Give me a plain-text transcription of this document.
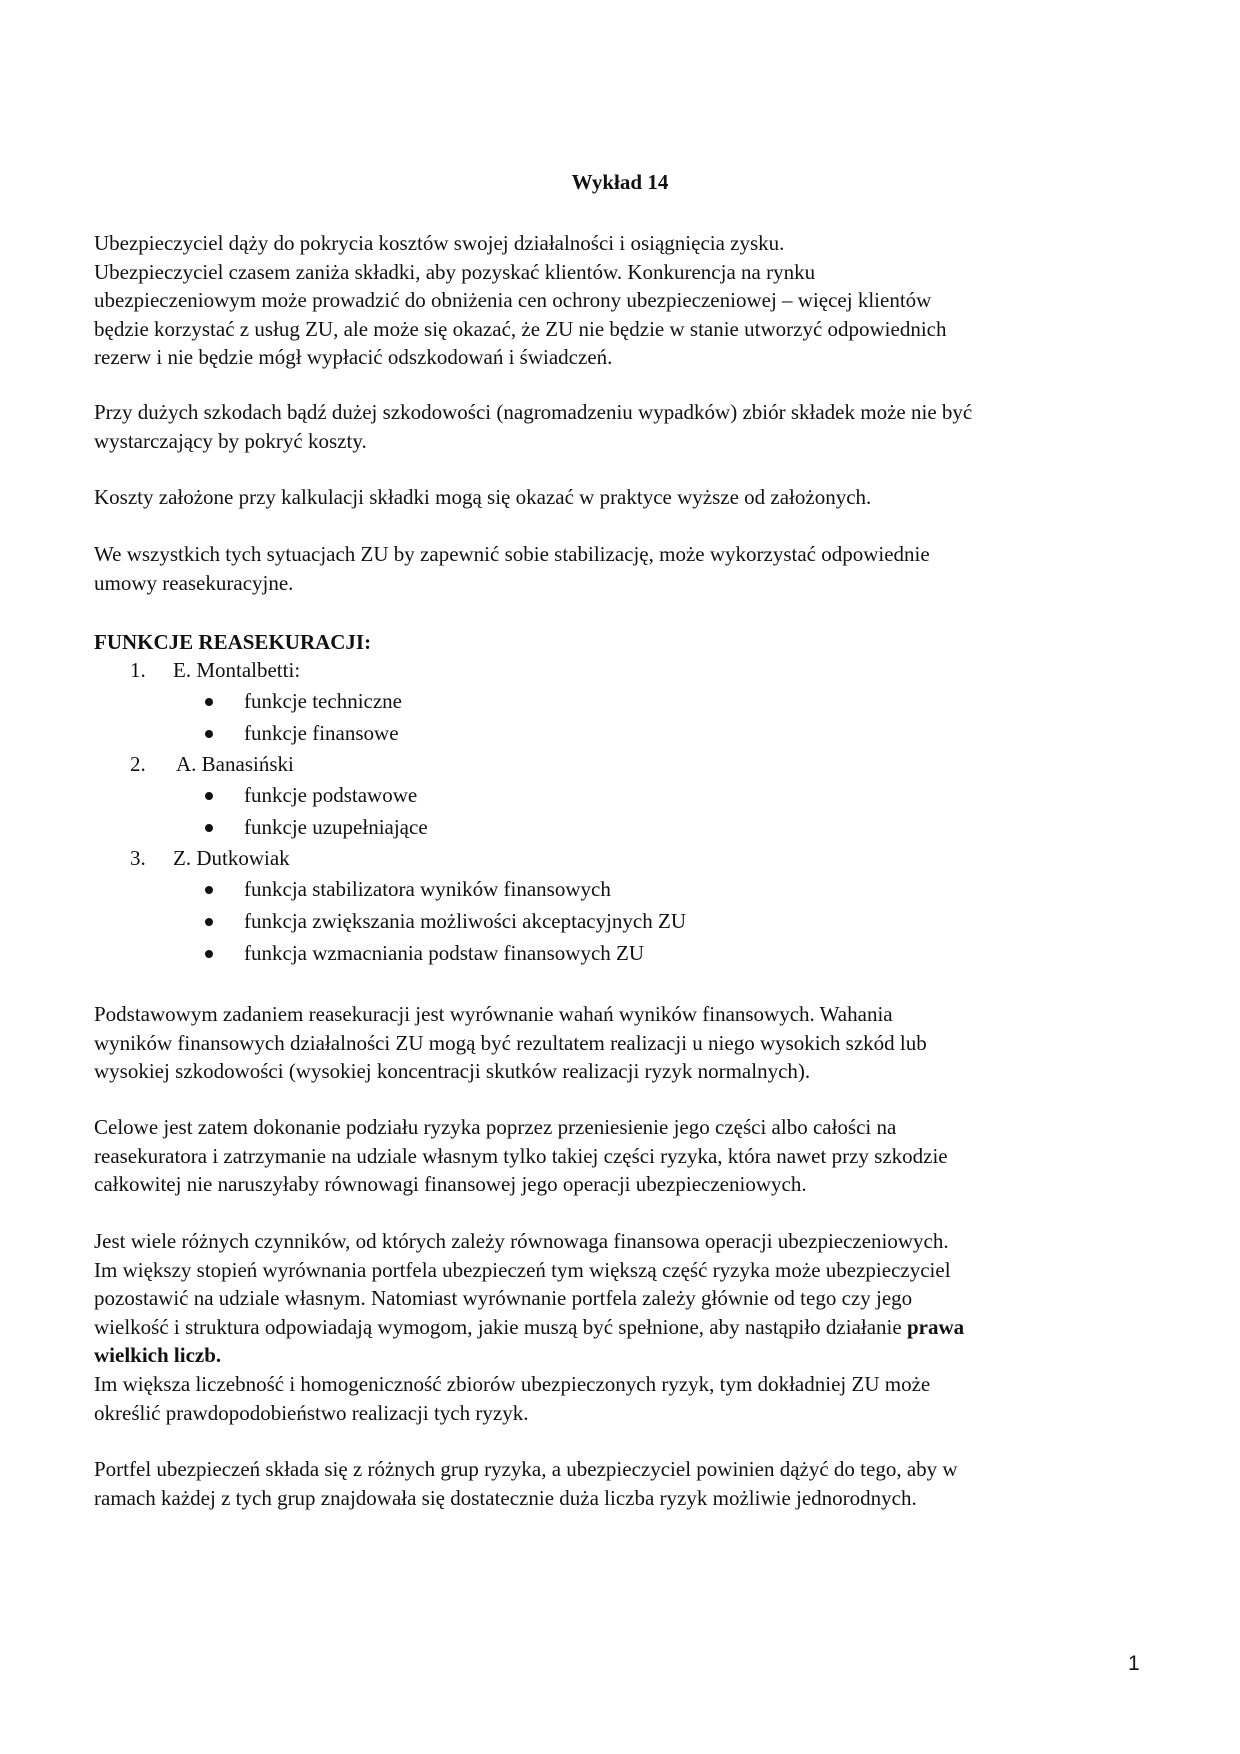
Wykład 14
Ubezpieczyciel dąży do pokrycia kosztów swojej działalności i osiągnięcia zysku.
Ubezpieczyciel czasem zaniża składki, aby pozyskać klientów. Konkurencja na rynku
ubezpieczeniowym może prowadzić do obniżenia cen ochrony ubezpieczeniowej – więcej klientów
będzie korzystać z usług ZU, ale może się okazać, że ZU nie będzie w stanie utworzyć odpowiednich
rezerw i nie będzie mógł wypłacić odszkodowań i świadczeń.
Przy dużych szkodach bądź dużej szkodowości (nagromadzeniu wypadków) zbiór składek może nie być
wystarczający by pokryć koszty.
Koszty założone przy kalkulacji składki mogą się okazać w praktyce wyższe od założonych.
We wszystkich tych sytuacjach ZU by zapewnić sobie stabilizację, może wykorzystać odpowiednie
umowy reasekuracyjne.
FUNKCJE REASEKURACJI:
1. E. Montalbetti:
funkcje techniczne
funkcje finansowe
2. A. Banasiński
funkcje podstawowe
funkcje uzupełniające
3. Z. Dutkowiak
funkcja stabilizatora wyników finansowych
funkcja zwiększania możliwości akceptacyjnych ZU
funkcja wzmacniania podstaw finansowych ZU
Podstawowym zadaniem reasekuracji jest wyrównanie wahań wyników finansowych. Wahania
wyników finansowych działalności ZU mogą być rezultatem realizacji u niego wysokich szkód lub
wysokiej szkodowości (wysokiej koncentracji skutków realizacji ryzyk normalnych).
Celowe jest zatem dokonanie podziału ryzyka poprzez przeniesienie jego części albo całości na
reasekuratora i zatrzymanie na udziale własnym tylko takiej części ryzyka, która nawet przy szkodzie
całkowitej nie naruszyłaby równowagi finansowej jego operacji ubezpieczeniowych.
Jest wiele różnych czynników, od których zależy równowaga finansowa operacji ubezpieczeniowych.
Im większy stopień wyrównania portfela ubezpieczeń tym większą część ryzyka może ubezpieczyciel
pozostawić na udziale własnym. Natomiast wyrównanie portfela zależy głównie od tego czy jego
wielkość i struktura odpowiadają wymogom, jakie muszą być spełnione, aby nastąpiło działanie prawa
wielkich liczb.
Im większa liczebność i homogeniczność zbiorów ubezpieczonych ryzyk, tym dokładniej ZU może
określić prawdopodobieństwo realizacji tych ryzyk.
Portfel ubezpieczeń składa się z różnych grup ryzyka, a ubezpieczyciel powinien dążyć do tego, aby w
ramach każdej z tych grup znajdowała się dostatecznie duża liczba ryzyk możliwie jednorodnych.
1
